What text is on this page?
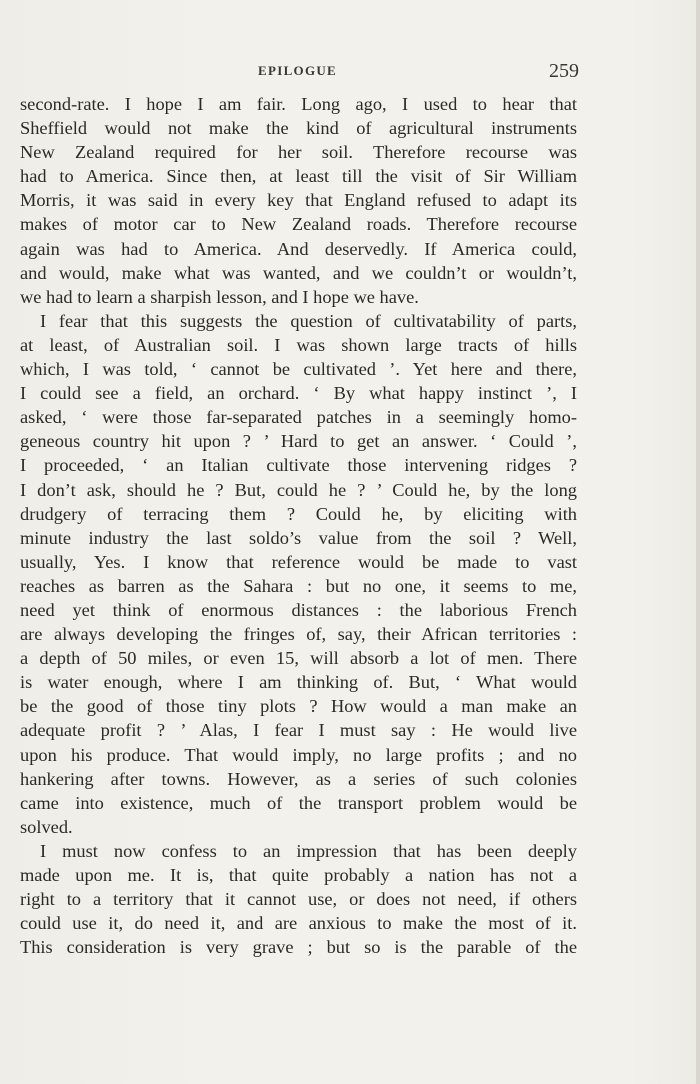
EPILOGUE	259
second-rate. I hope I am fair. Long ago, I used to hear that
Sheffield would not make the kind of agricultural instruments
New Zealand required for her soil. Therefore recourse was
had to America. Since then, at least till the visit of Sir William
Morris, it was said in every key that England refused to adapt its
makes of motor car to New Zealand roads. Therefore recourse
again was had to America. And deservedly. If America could,
and would, make what was wanted, and we couldn’t or wouldn’t,
we had to learn a sharpish lesson, and I hope we have.
I fear that this suggests the question of cultivatability of parts,
at least, of Australian soil. I was shown large tracts of hills
which, I was told, ‘ cannot be cultivated ’. Yet here and there,
I could see a field, an orchard. ‘ By what happy instinct ’, I
asked, ‘ were those far-separated patches in a seemingly homo-
geneous country hit upon ? ’ Hard to get an answer. ‘ Could ’,
I proceeded, ‘ an Italian cultivate those intervening ridges ?
I don’t ask, should he ? But, could he ? ’ Could he, by the long
drudgery of terracing them ? Could he, by eliciting with
minute industry the last soldo’s value from the soil ? Well,
usually, Yes. I know that reference would be made to vast
reaches as barren as the Sahara : but no one, it seems to me,
need yet think of enormous distances : the laborious French
are always developing the fringes of, say, their African territories :
a depth of 50 miles, or even 15, will absorb a lot of men. There
is water enough, where I am thinking of. But, ‘ What would
be the good of those tiny plots ? How would a man make an
adequate profit ? ’ Alas, I fear I must say : He would live
upon his produce. That would imply, no large profits ; and no
hankering after towns. However, as a series of such colonies
came into existence, much of the transport problem would be
solved.
I must now confess to an impression that has been deeply
made upon me. It is, that quite probably a nation has not a
right to a territory that it cannot use, or does not need, if others
could use it, do need it, and are anxious to make the most of it.
This consideration is very grave ; but so is the parable of the
